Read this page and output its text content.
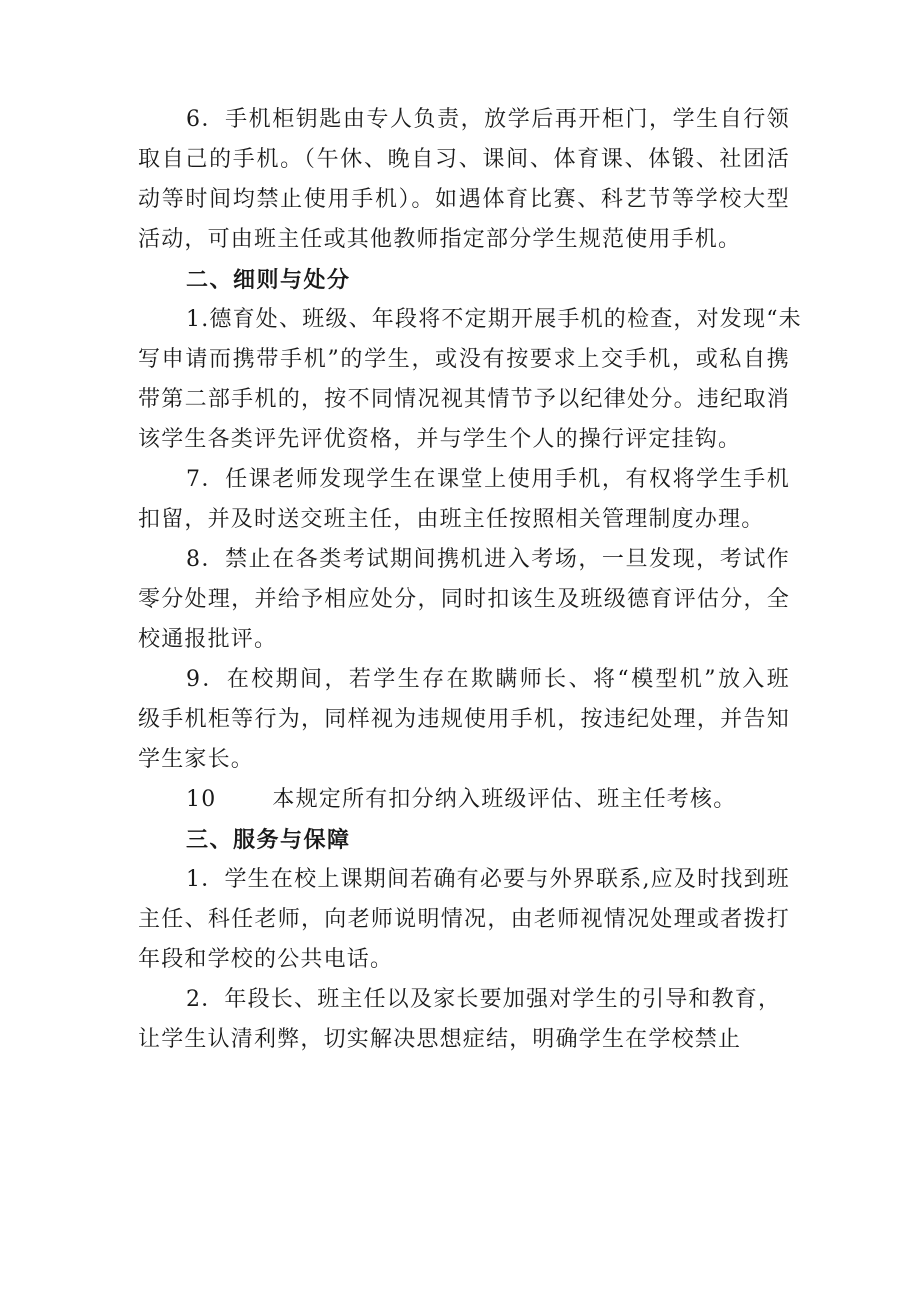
6．手机柜钥匙由专人负责，放学后再开柜门，学生自行领
取自己的手机。（午休、晚自习、课间、体育课、体锻、社团活
动等时间均禁止使用手机）。如遇体育比赛、科艺节等学校大型
活动，可由班主任或其他教师指定部分学生规范使用手机。
二、细则与处分
1.德育处、班级、年段将不定期开展手机的检查，对发现“未
写申请而携带手机”的学生，或没有按要求上交手机，或私自携
带第二部手机的，按不同情况视其情节予以纪律处分。违纪取消
该学生各类评先评优资格，并与学生个人的操行评定挂钩。
7．任课老师发现学生在课堂上使用手机，有权将学生手机
扣留，并及时送交班主任，由班主任按照相关管理制度办理。
8．禁止在各类考试期间携机进入考场，一旦发现，考试作
零分处理，并给予相应处分，同时扣该生及班级德育评估分，全
校通报批评。
9．在校期间，若学生存在欺瞒师长、将“模型机”放入班
级手机柜等行为，同样视为违规使用手机，按违纪处理，并告知
学生家长。
10	本规定所有扣分纳入班级评估、班主任考核。
三、服务与保障
1．学生在校上课期间若确有必要与外界联系,应及时找到班
主任、科任老师，向老师说明情况，由老师视情况处理或者拨打
年段和学校的公共电话。
2．年段长、班主任以及家长要加强对学生的引导和教育，
让学生认清利弊，切实解决思想症结，明确学生在学校禁止
